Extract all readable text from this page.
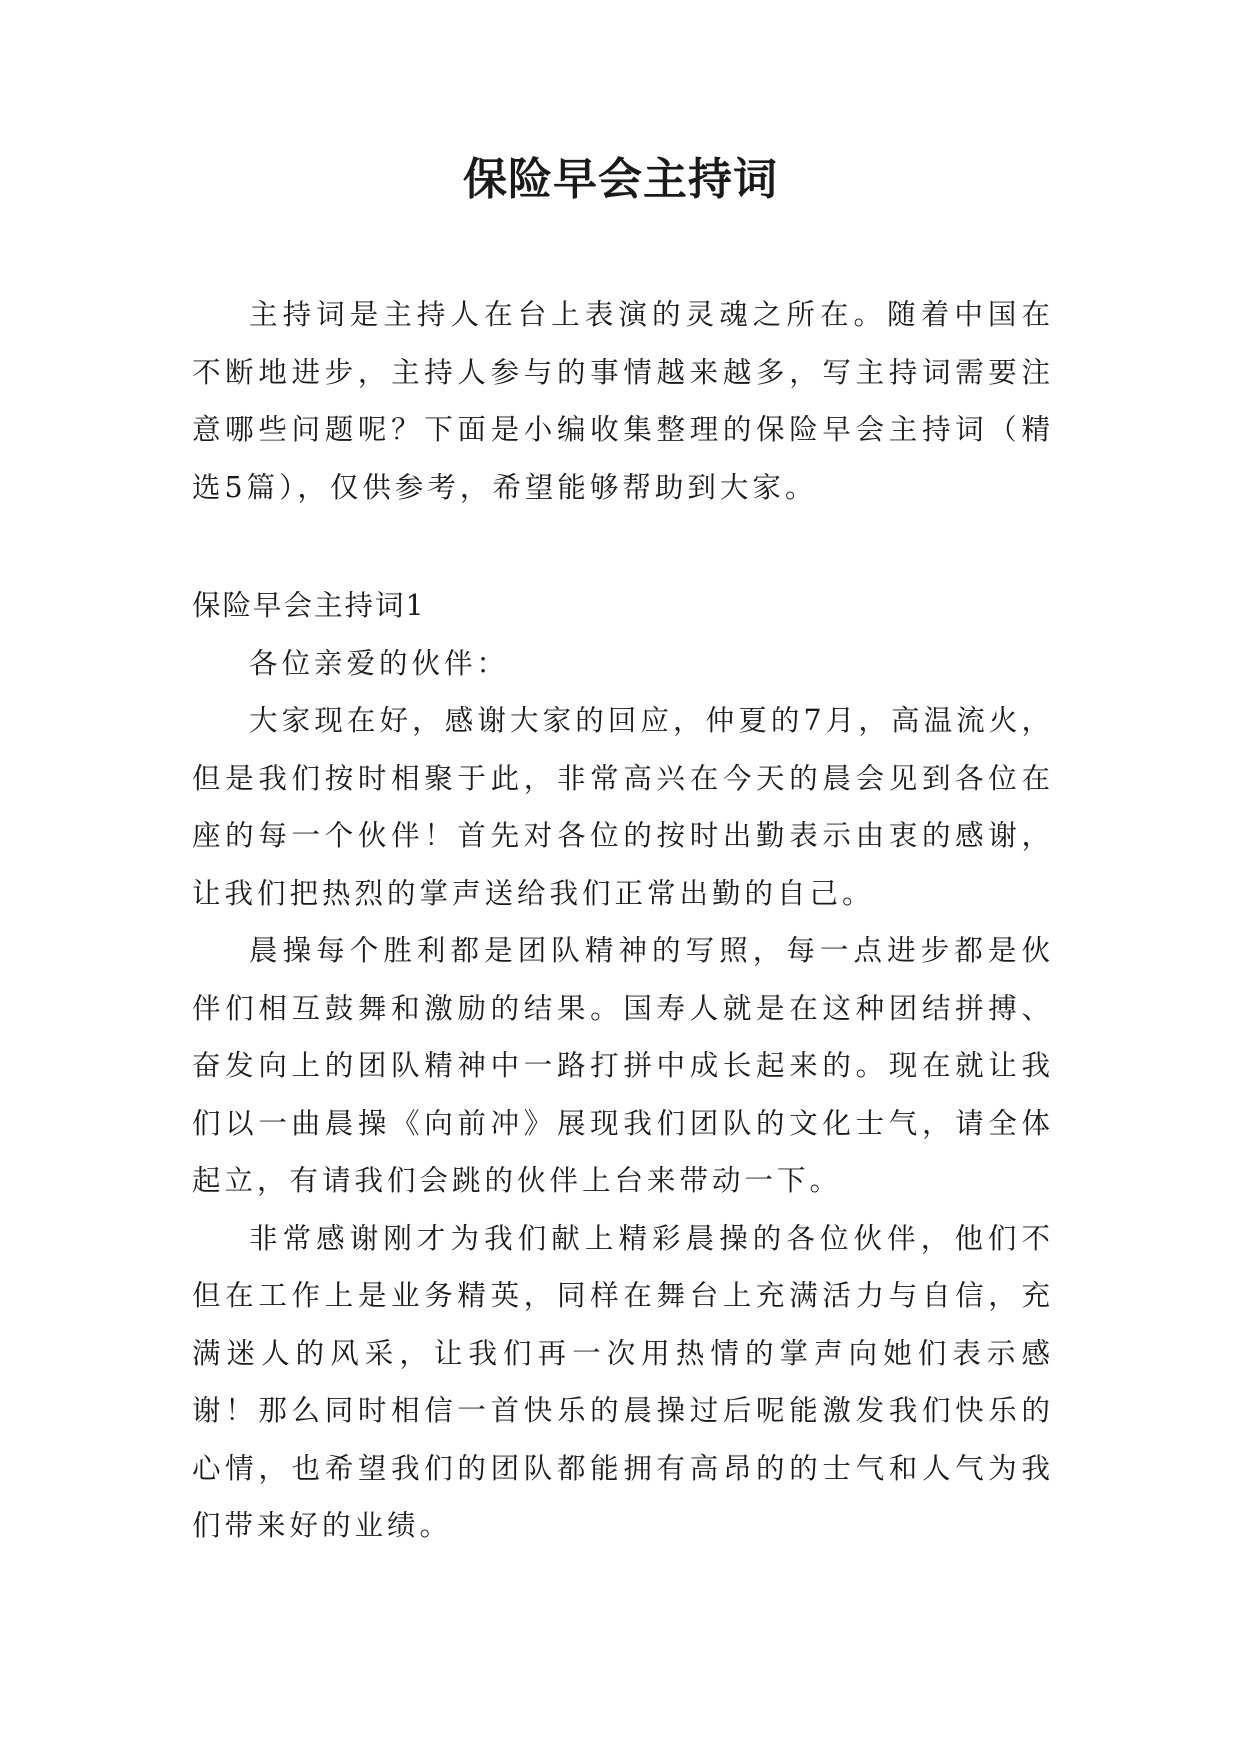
保险早会主持词

主持词是主持人在台上表演的灵魂之所在。随着中国在不断地进步，主持人参与的事情越来越多，写主持词需要注意哪些问题呢？下面是小编收集整理的保险早会主持词（精选5篇），仅供参考，希望能够帮助到大家。

保险早会主持词1

各位亲爱的伙伴：

大家现在好，感谢大家的回应，仲夏的7月，高温流火，但是我们按时相聚于此，非常高兴在今天的晨会见到各位在座的每一个伙伴！首先对各位的按时出勤表示由衷的感谢，让我们把热烈的掌声送给我们正常出勤的自己。

晨操每个胜利都是团队精神的写照，每一点进步都是伙伴们相互鼓舞和激励的结果。国寿人就是在这种团结拼搏、奋发向上的团队精神中一路打拼中成长起来的。现在就让我们以一曲晨操《向前冲》展现我们团队的文化士气，请全体起立，有请我们会跳的伙伴上台来带动一下。

非常感谢刚才为我们献上精彩晨操的各位伙伴，他们不但在工作上是业务精英，同样在舞台上充满活力与自信，充满迷人的风采，让我们再一次用热情的掌声向她们表示感谢！那么同时相信一首快乐的晨操过后呢能激发我们快乐的心情，也希望我们的团队都能拥有高昂的的士气和人气为我们带来好的业绩。
